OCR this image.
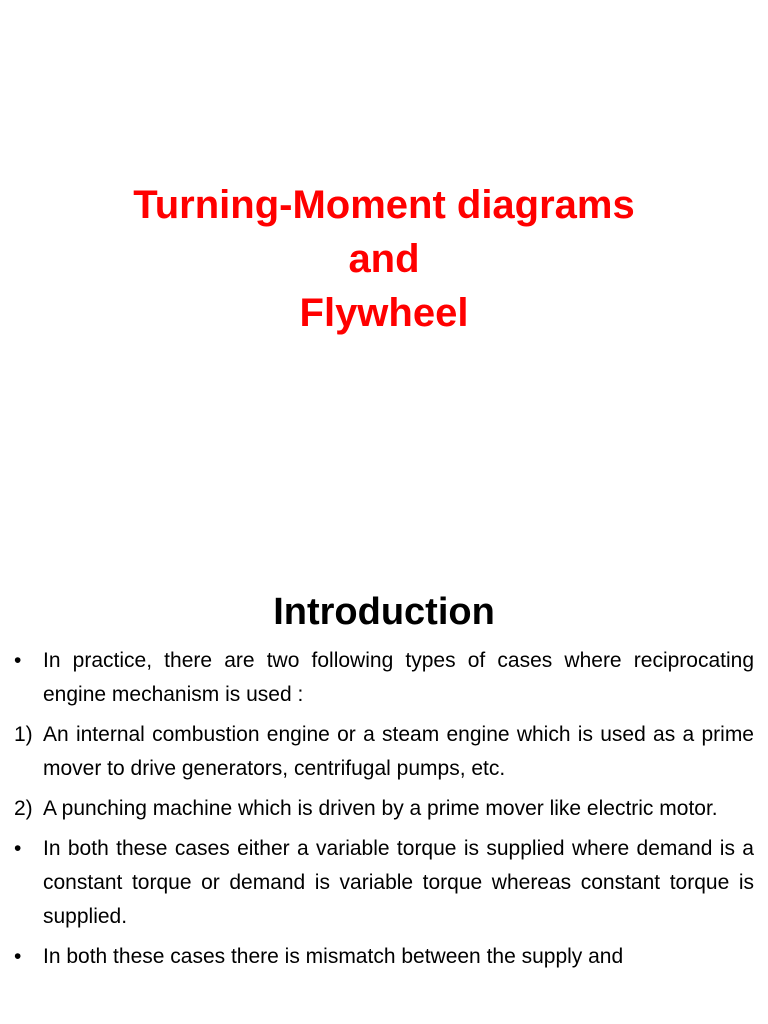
Turning-Moment diagrams
and
Flywheel
Introduction
•	In practice, there are two following types of cases where reciprocating engine mechanism is used :
1) An internal combustion engine or a steam engine which is used as a prime mover to drive generators, centrifugal pumps, etc.
2) A punching machine which is driven by a prime mover like electric motor.
•	In both these cases either a variable torque is supplied where demand is a constant torque or demand is variable torque whereas constant torque is supplied.
•	In both these cases there is mismatch between the supply and
